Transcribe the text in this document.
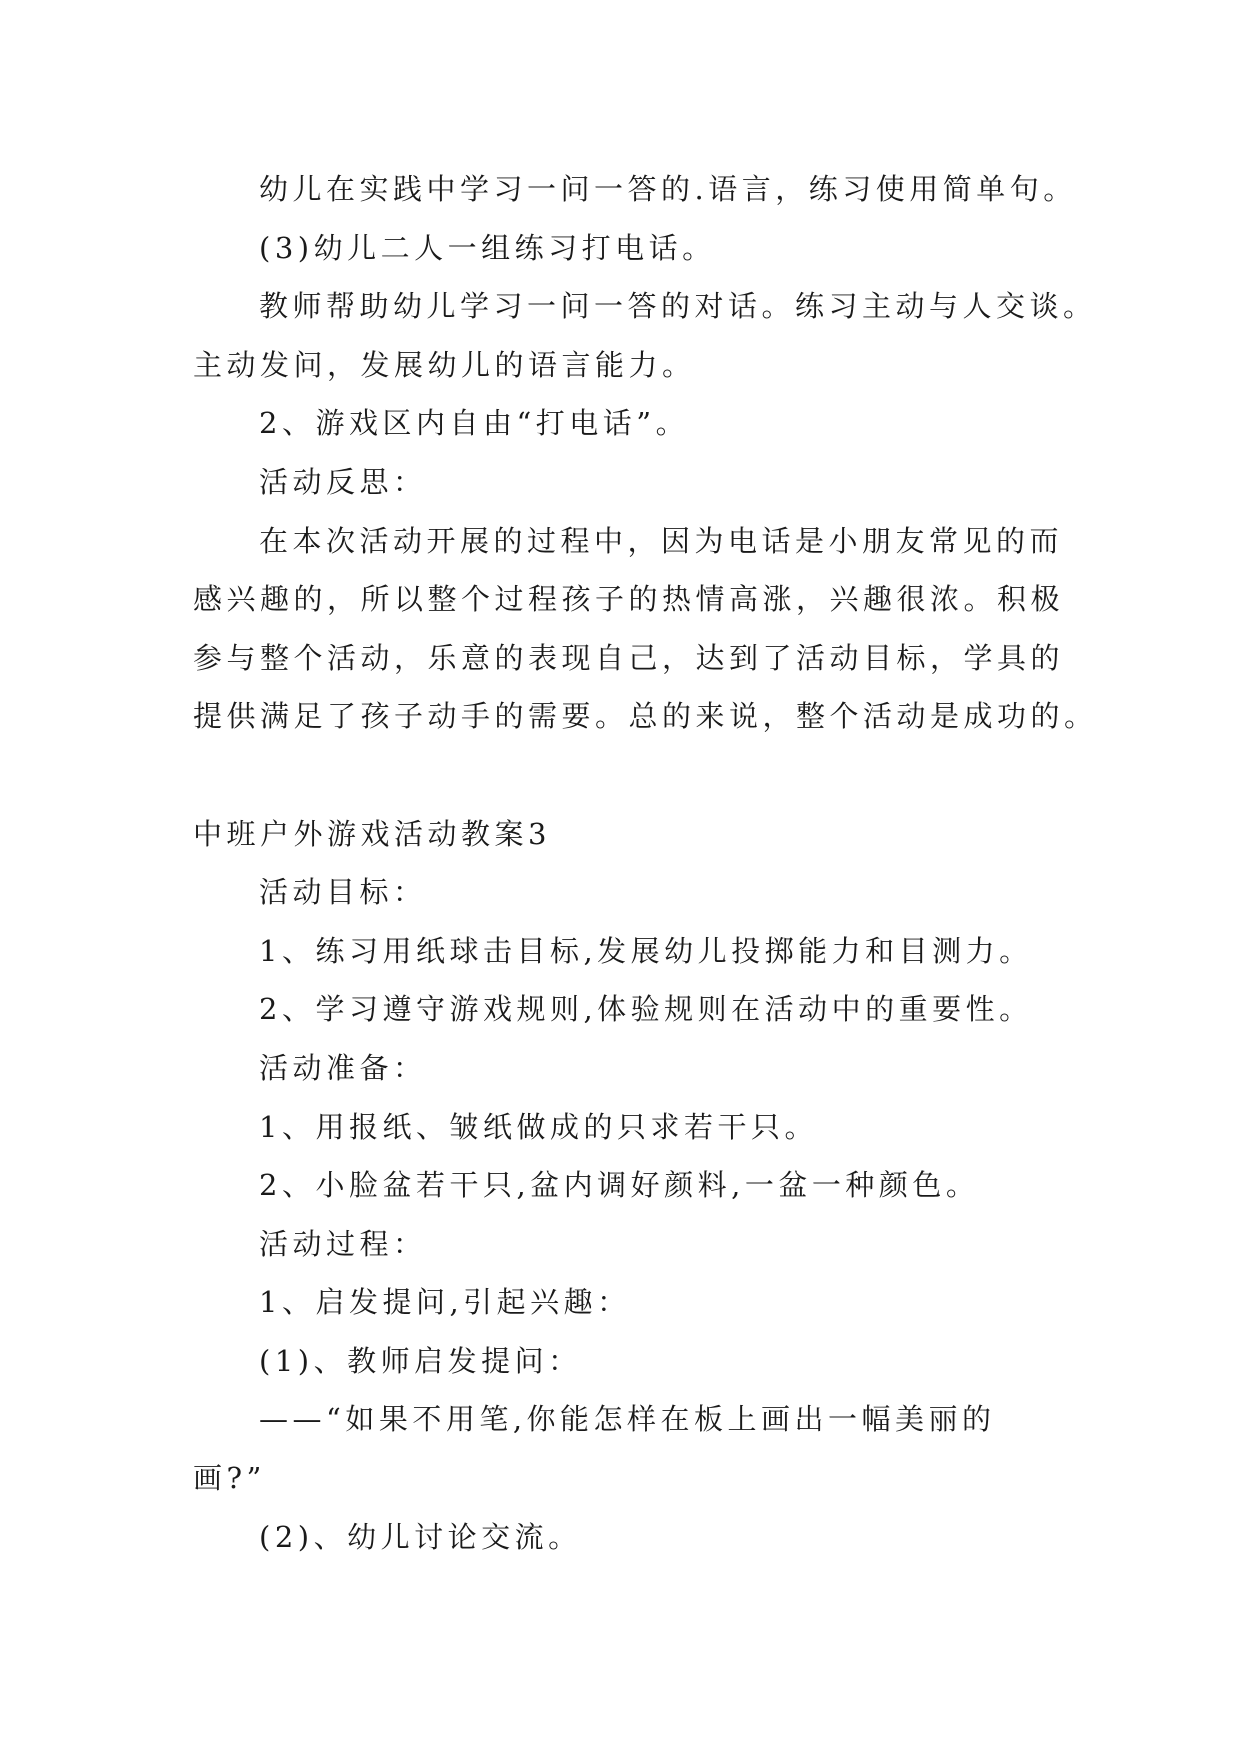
幼儿在实践中学习一问一答的.语言，练习使用简单句。
(3)幼儿二人一组练习打电话。
教师帮助幼儿学习一问一答的对话。练习主动与人交谈。
主动发问，发展幼儿的语言能力。
2、游戏区内自由“打电话”。
活动反思：
在本次活动开展的过程中，因为电话是小朋友常见的而
感兴趣的，所以整个过程孩子的热情高涨，兴趣很浓。积极
参与整个活动，乐意的表现自己，达到了活动目标，学具的
提供满足了孩子动手的需要。总的来说，整个活动是成功的。
中班户外游戏活动教案3
活动目标：
1、练习用纸球击目标,发展幼儿投掷能力和目测力。
2、学习遵守游戏规则,体验规则在活动中的重要性。
活动准备：
1、用报纸、皱纸做成的只求若干只。
2、小脸盆若干只,盆内调好颜料,一盆一种颜色。
活动过程：
1、启发提问,引起兴趣：
(1)、教师启发提问：
——“如果不用笔,你能怎样在板上画出一幅美丽的
画?”
(2)、幼儿讨论交流。
